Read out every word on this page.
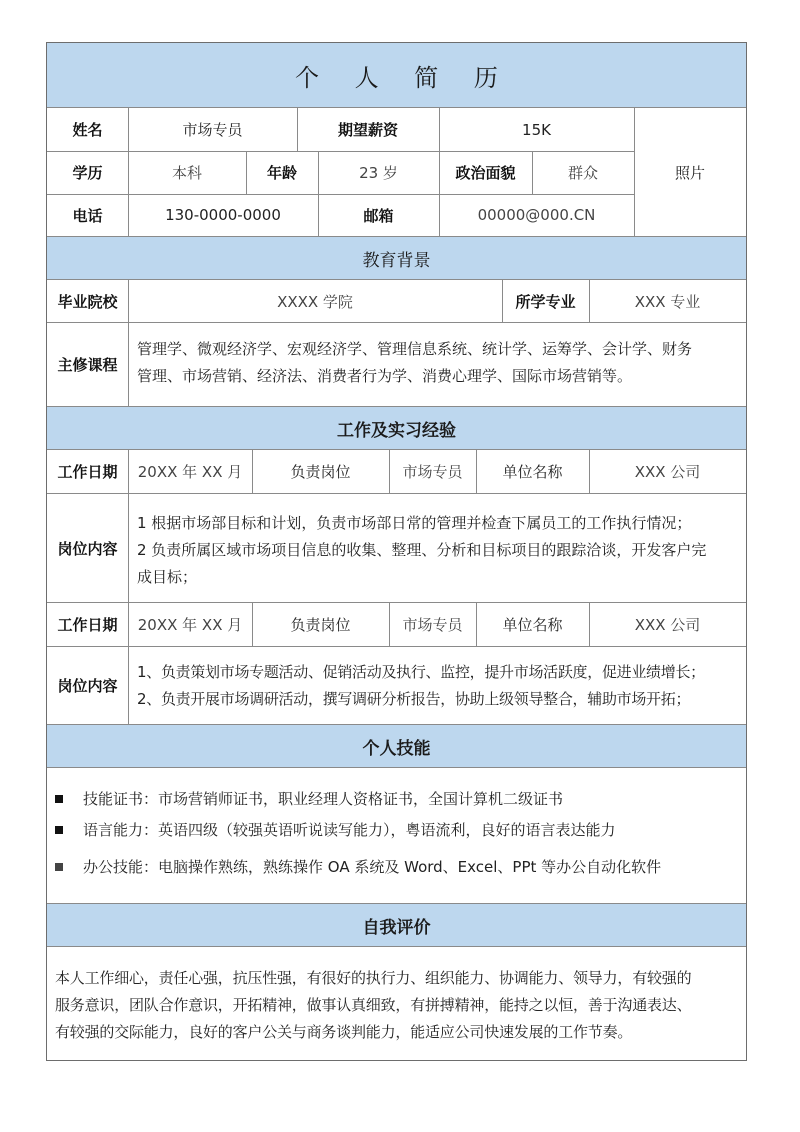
个 人 简 历
姓名	市场专员	期望薪资	15K
学历	本科	年龄	23 岁	政治面貌	群众	照片
电话	130-0000-0000	邮箱	00000@000.CN
教育背景
毕业院校	XXXX 学院	所学专业	XXX 专业
主修课程
管理学、微观经济学、宏观经济学、管理信息系统、统计学、运筹学、会计学、财务
管理、市场营销、经济法、消费者行为学、消费心理学、国际市场营销等。
工作及实习经验
工作日期	20XX 年 XX 月	负责岗位	市场专员	单位名称	XXX 公司
岗位内容
1 根据市场部目标和计划，负责市场部日常的管理并检查下属员工的工作执行情况；
2 负责所属区域市场项目信息的收集、整理、分析和目标项目的跟踪洽谈，开发客户完
成目标；
工作日期	20XX 年 XX 月	负责岗位	市场专员	单位名称	XXX 公司
岗位内容
1、负责策划市场专题活动、促销活动及执行、监控，提升市场活跃度，促进业绩增长；
2、负责开展市场调研活动，撰写调研分析报告，协助上级领导整合，辅助市场开拓；
个人技能
技能证书：市场营销师证书，职业经理人资格证书，全国计算机二级证书
语言能力：英语四级（较强英语听说读写能力），粤语流利，良好的语言表达能力
办公技能：电脑操作熟练，熟练操作 OA 系统及 Word、Excel、PPt 等办公自动化软件
自我评价
本人工作细心，责任心强，抗压性强，有很好的执行力、组织能力、协调能力、领导力，有较强的
服务意识，团队合作意识，开拓精神，做事认真细致，有拼搏精神，能持之以恒，善于沟通表达、
有较强的交际能力，良好的客户公关与商务谈判能力，能适应公司快速发展的工作节奏。
